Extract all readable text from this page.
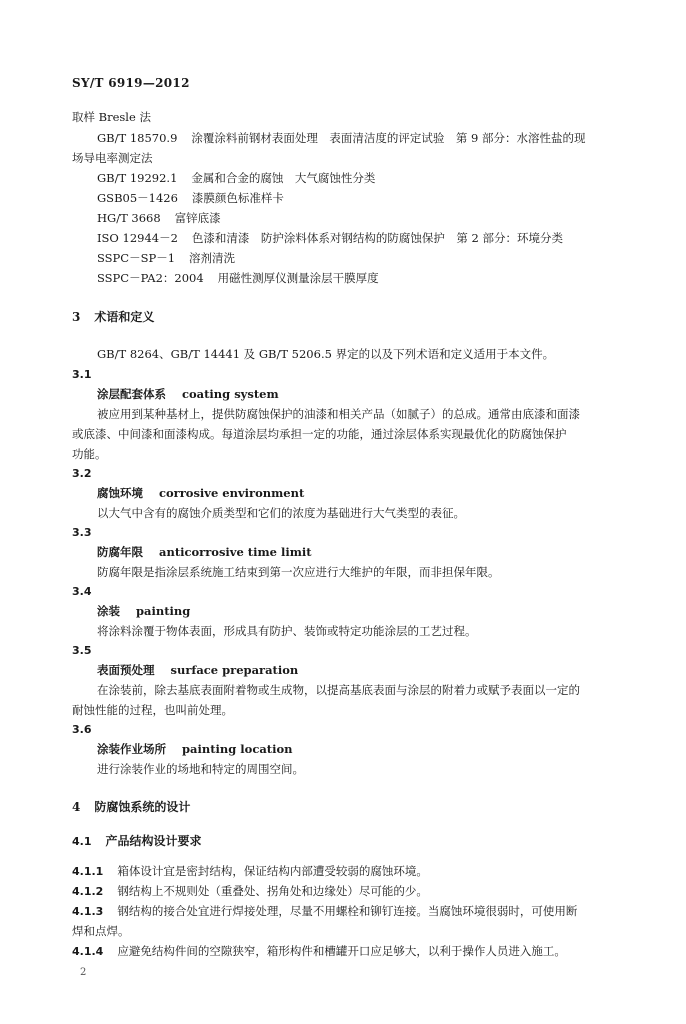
SY/T 6919—2012
取样 Bresle 法
GB/T 18570.9 涂覆涂料前钢材表面处理　表面清洁度的评定试验　第 9 部分：水溶性盐的现
场导电率测定法
GB/T 19292.1 金属和合金的腐蚀　大气腐蚀性分类
GSB05－1426 漆膜颜色标准样卡
HG/T 3668 富锌底漆
ISO 12944－2 色漆和清漆　防护涂料体系对钢结构的防腐蚀保护　第 2 部分：环境分类
SSPC－SP－1 溶剂清洗
SSPC－PA2：2004 用磁性测厚仪测量涂层干膜厚度
3 术语和定义
GB/T 8264、GB/T 14441 及 GB/T 5206.5 界定的以及下列术语和定义适用于本文件。
3.1
涂层配套体系 coating system
被应用到某种基材上，提供防腐蚀保护的油漆和相关产品（如腻子）的总成。通常由底漆和面漆
或底漆、中间漆和面漆构成。每道涂层均承担一定的功能，通过涂层体系实现最优化的防腐蚀保护
功能。
3.2
腐蚀环境 corrosive environment
以大气中含有的腐蚀介质类型和它们的浓度为基础进行大气类型的表征。
3.3
防腐年限 anticorrosive time limit
防腐年限是指涂层系统施工结束到第一次应进行大维护的年限，而非担保年限。
3.4
涂装 painting
将涂料涂覆于物体表面，形成具有防护、装饰或特定功能涂层的工艺过程。
3.5
表面预处理 surface preparation
在涂装前，除去基底表面附着物或生成物，以提高基底表面与涂层的附着力或赋予表面以一定的
耐蚀性能的过程，也叫前处理。
3.6
涂装作业场所 painting location
进行涂装作业的场地和特定的周围空间。
4 防腐蚀系统的设计
4.1 产品结构设计要求
4.1.1 箱体设计宜是密封结构，保证结构内部遭受较弱的腐蚀环境。
4.1.2 钢结构上不规则处（重叠处、拐角处和边缘处）尽可能的少。
4.1.3 钢结构的接合处宜进行焊接处理，尽量不用螺栓和铆钉连接。当腐蚀环境很弱时，可使用断
焊和点焊。
4.1.4 应避免结构件间的空隙狭窄，箱形构件和槽罐开口应足够大，以利于操作人员进入施工。
2
